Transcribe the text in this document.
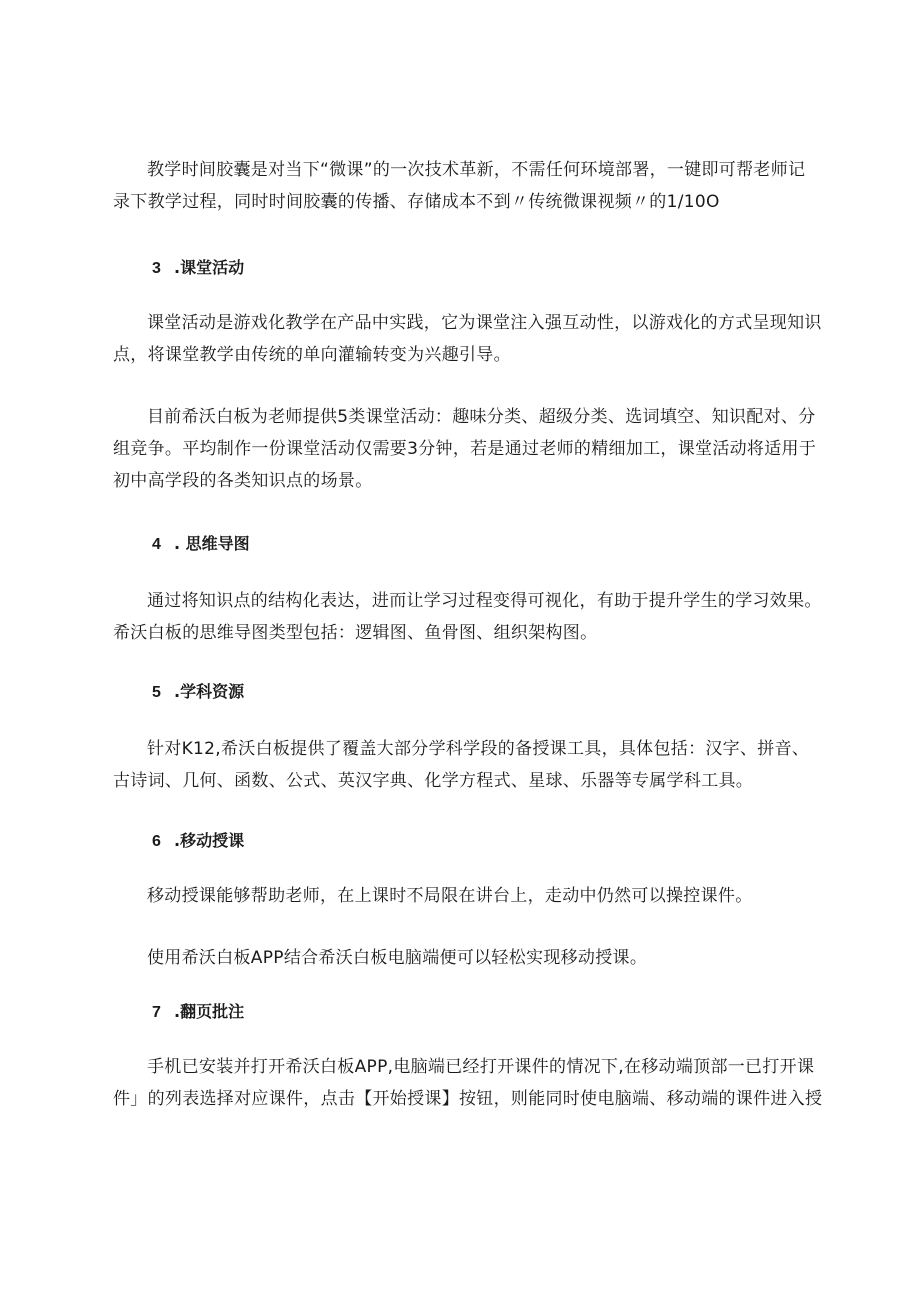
教学时间胶囊是对当下“微课”的一次技术革新，不需任何环境部署，一键即可帮老师记
录下教学过程，同时时间胶囊的传播、存储成本不到〃传统微课视频〃的1/10O

3 .课堂活动

课堂活动是游戏化教学在产品中实践，它为课堂注入强互动性，以游戏化的方式呈现知识
点，将课堂教学由传统的单向灌输转变为兴趣引导。

目前希沃白板为老师提供5类课堂活动：趣味分类、超级分类、选词填空、知识配对、分
组竞争。平均制作一份课堂活动仅需要3分钟，若是通过老师的精细加工，课堂活动将适用于
初中高学段的各类知识点的场景。

4 . 思维导图

通过将知识点的结构化表达，进而让学习过程变得可视化，有助于提升学生的学习效果。
希沃白板的思维导图类型包括：逻辑图、鱼骨图、组织架构图。

5 .学科资源

针对K12,希沃白板提供了覆盖大部分学科学段的备授课工具，具体包括：汉字、拼音、
古诗词、几何、函数、公式、英汉字典、化学方程式、星球、乐器等专属学科工具。

6 .移动授课

移动授课能够帮助老师，在上课时不局限在讲台上，走动中仍然可以操控课件。

使用希沃白板APP结合希沃白板电脑端便可以轻松实现移动授课。

7 .翻页批注

手机已安装并打开希沃白板APP,电脑端已经打开课件的情况下,在移动端顶部一已打开课
件」的列表选择对应课件，点击【开始授课】按钮，则能同时使电脑端、移动端的课件进入授
